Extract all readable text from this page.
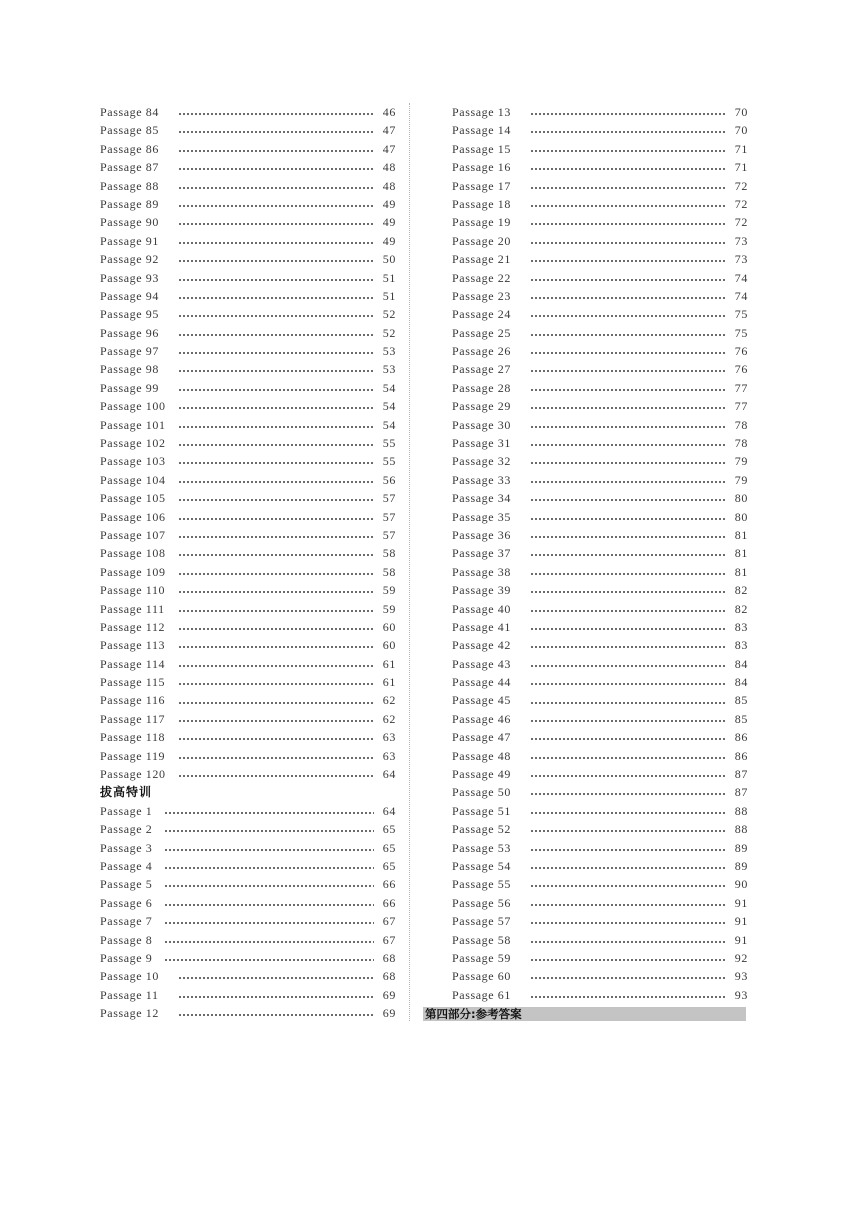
Passage 84	46
Passage 85	47
Passage 86	47
Passage 87	48
Passage 88	48
Passage 89	49
Passage 90	49
Passage 91	49
Passage 92	50
Passage 93	51
Passage 94	51
Passage 95	52
Passage 96	52
Passage 97	53
Passage 98	53
Passage 99	54
Passage 100	54
Passage 101	54
Passage 102	55
Passage 103	55
Passage 104	56
Passage 105	57
Passage 106	57
Passage 107	57
Passage 108	58
Passage 109	58
Passage 110	59
Passage 111	59
Passage 112	60
Passage 113	60
Passage 114	61
Passage 115	61
Passage 116	62
Passage 117	62
Passage 118	63
Passage 119	63
Passage 120	64
拔高特训
Passage 1	64
Passage 2	65
Passage 3	65
Passage 4	65
Passage 5	66
Passage 6	66
Passage 7	67
Passage 8	67
Passage 9	68
Passage 10	68
Passage 11	69
Passage 12	69
Passage 13	70
Passage 14	70
Passage 15	71
Passage 16	71
Passage 17	72
Passage 18	72
Passage 19	72
Passage 20	73
Passage 21	73
Passage 22	74
Passage 23	74
Passage 24	75
Passage 25	75
Passage 26	76
Passage 27	76
Passage 28	77
Passage 29	77
Passage 30	78
Passage 31	78
Passage 32	79
Passage 33	79
Passage 34	80
Passage 35	80
Passage 36	81
Passage 37	81
Passage 38	81
Passage 39	82
Passage 40	82
Passage 41	83
Passage 42	83
Passage 43	84
Passage 44	84
Passage 45	85
Passage 46	85
Passage 47	86
Passage 48	86
Passage 49	87
Passage 50	87
Passage 51	88
Passage 52	88
Passage 53	89
Passage 54	89
Passage 55	90
Passage 56	91
Passage 57	91
Passage 58	91
Passage 59	92
Passage 60	93
Passage 61	93
第四部分:参考答案
